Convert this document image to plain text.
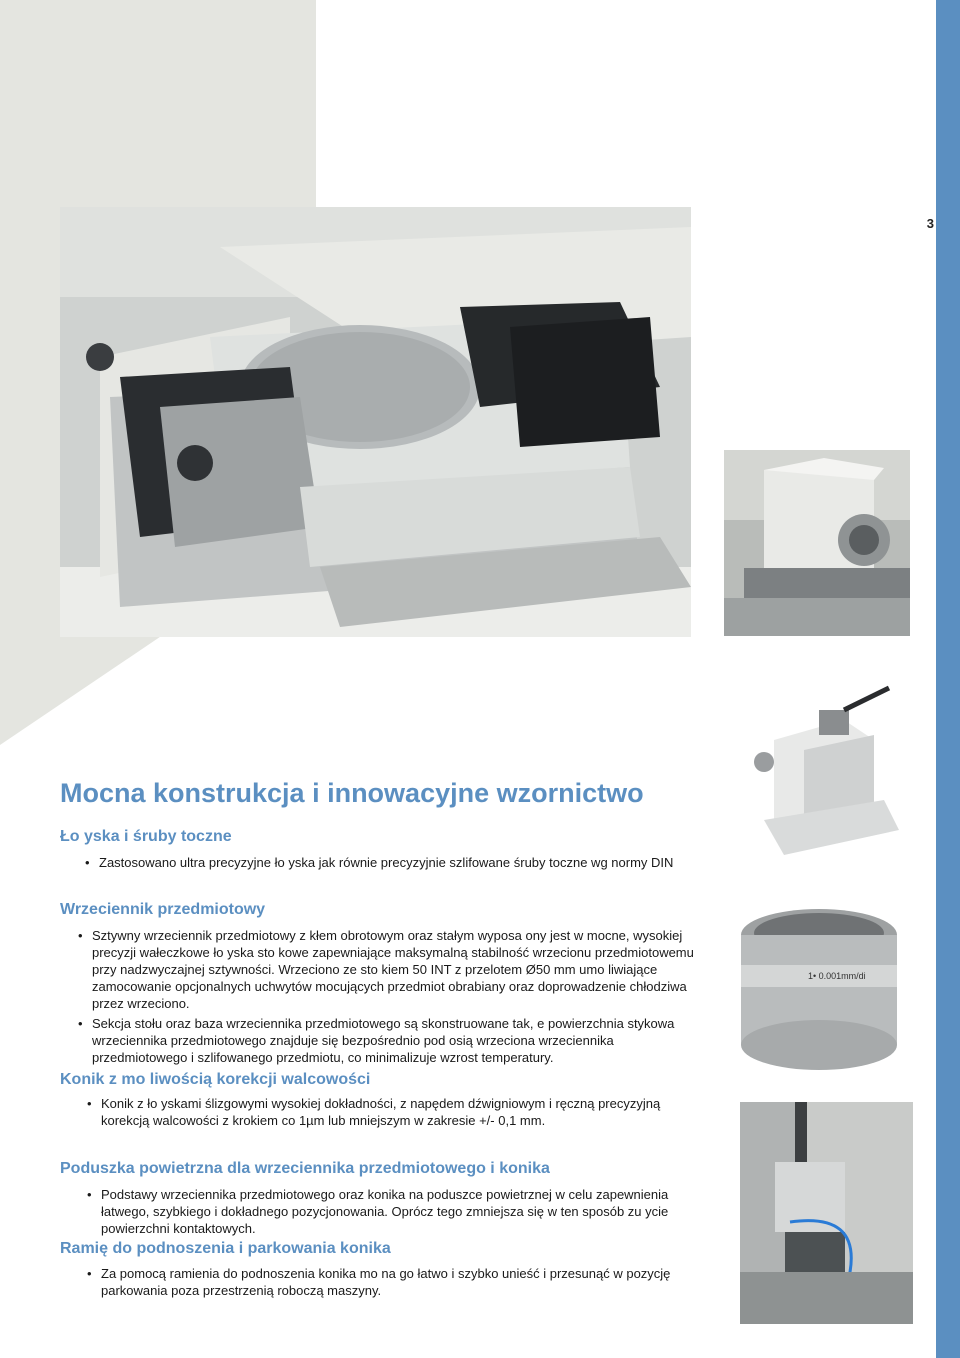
3
1• 0.001mm/di
Mocna konstrukcja i innowacyjne wzornictwo
Ło yska i śruby toczne

• Zastosowano ultra precyzyjne ło yska jak równie precyzyjnie szlifowane śruby toczne wg normy DIN

Wrzeciennik przedmiotowy

• Sztywny wrzeciennik przedmiotowy z kłem obrotowym oraz stałym wyposa ony jest w mocne, wysokiej precyzji wałeczkowe ło yska sto kowe zapewniające maksymalną stabilność wrzecionu przedmiotowemu przy nadzwyczajnej sztywności. Wrzeciono ze sto kiem 50 INT z przelotem Ø50 mm umo liwiające zamocowanie opcjonalnych uchwytów mocujących przedmiot obrabiany oraz doprowadzenie chłodziwa przez wrzeciono.

• Sekcja stołu oraz baza wrzeciennika przedmiotowego są skonstruowane tak, e powierzchnia stykowa wrzeciennika przedmiotowego znajduje się bezpośrednio pod osią wrzeciona wrzeciennika przedmiotowego i szlifowanego przedmiotu, co minimalizuje wzrost temperatury.

Konik z mo liwością korekcji walcowości

• Konik z ło yskami ślizgowymi wysokiej dokładności, z napędem dźwigniowym i ręczną precyzyjną korekcją walcowości z krokiem co 1µm lub mniejszym w zakresie +/- 0,1 mm.

Poduszka powietrzna dla wrzeciennika przedmiotowego i konika

• Podstawy wrzeciennika przedmiotowego oraz konika na poduszce powietrznej w celu zapewnienia łatwego, szybkiego i dokładnego pozycjonowania. Oprócz tego zmniejsza się w ten sposób zu ycie powierzchni kontaktowych.

Ramię do podnoszenia i parkowania konika

• Za pomocą ramienia do podnoszenia konika mo na go łatwo i szybko unieść i przesunąć w pozycję parkowania poza przestrzenią roboczą maszyny.
